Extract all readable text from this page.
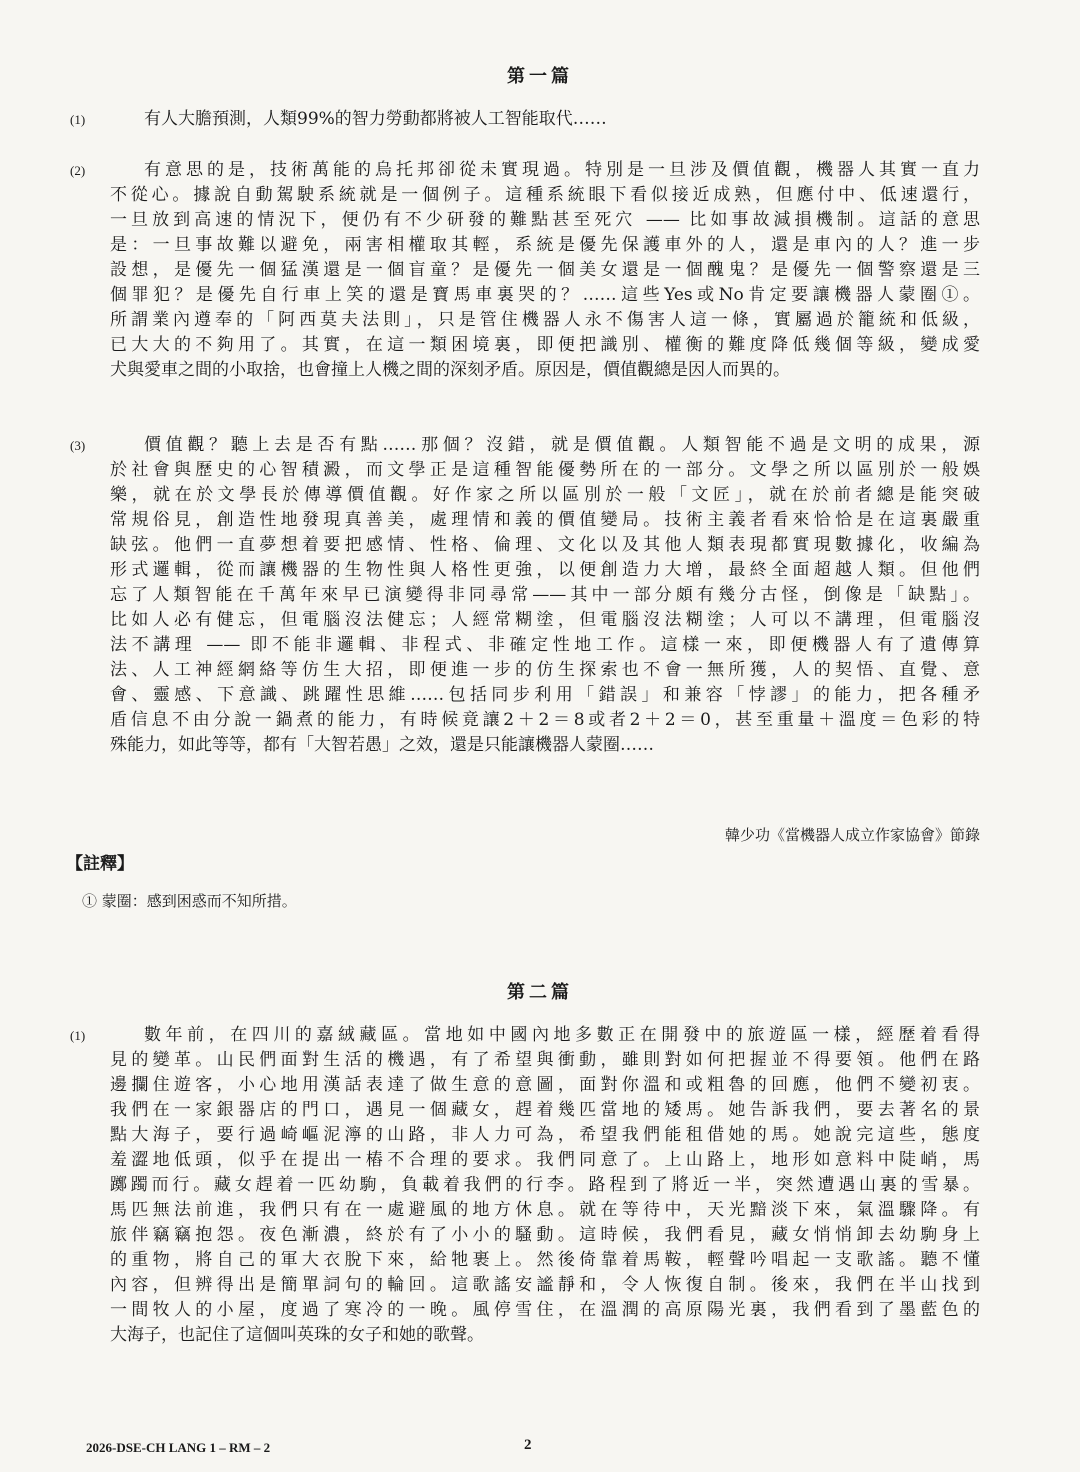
第一篇
(1)	有人大膽預測，人類99%的智力勞動都將被人工智能取代……
(2)	有意思的是，技術萬能的烏托邦卻從未實現過。特別是一旦涉及價值觀，機器人其實一直力
不從心。據說自動駕駛系統就是一個例子。這種系統眼下看似接近成熟，但應付中、低速還行，
一旦放到高速的情況下，便仍有不少研發的難點甚至死穴 —— 比如事故減損機制。這話的意思
是：一旦事故難以避免，兩害相權取其輕，系統是優先保護車外的人，還是車內的人？進一步
設想，是優先一個猛漢還是一個盲童？是優先一個美女還是一個醜鬼？是優先一個警察還是三
個罪犯？是優先自行車上笑的還是寶馬車裏哭的？……這些Yes或No肯定要讓機器人蒙圈①。
所謂業內遵奉的「阿西莫夫法則」，只是管住機器人永不傷害人這一條，實屬過於籠統和低級，
已大大的不夠用了。其實，在這一類困境裏，即便把識別、權衡的難度降低幾個等級，變成愛
犬與愛車之間的小取捨，也會撞上人機之間的深刻矛盾。原因是，價值觀總是因人而異的。
(3)	價值觀？聽上去是否有點……那個？沒錯，就是價值觀。人類智能不過是文明的成果，源
於社會與歷史的心智積澱，而文學正是這種智能優勢所在的一部分。文學之所以區別於一般娛
樂，就在於文學長於傳導價值觀。好作家之所以區別於一般「文匠」，就在於前者總是能突破
常規俗見，創造性地發現真善美，處理情和義的價值變局。技術主義者看來恰恰是在這裏嚴重
缺弦。他們一直夢想着要把感情、性格、倫理、文化以及其他人類表現都實現數據化，收編為
形式邏輯，從而讓機器的生物性與人格性更強，以便創造力大增，最終全面超越人類。但他們
忘了人類智能在千萬年來早已演變得非同尋常——其中一部分頗有幾分古怪，倒像是「缺點」。
比如人必有健忘，但電腦沒法健忘；人經常糊塗，但電腦沒法糊塗；人可以不講理，但電腦沒
法不講理 —— 即不能非邏輯、非程式、非確定性地工作。這樣一來，即便機器人有了遺傳算
法、人工神經網絡等仿生大招，即便進一步的仿生探索也不會一無所獲，人的契悟、直覺、意
會、靈感、下意識、跳躍性思維……包括同步利用「錯誤」和兼容「悖謬」的能力，把各種矛
盾信息不由分說一鍋煮的能力，有時候竟讓2＋2＝8或者2＋2＝0，甚至重量＋溫度＝色彩的特
殊能力，如此等等，都有「大智若愚」之效，還是只能讓機器人蒙圈……
韓少功《當機器人成立作家協會》節錄
【註釋】
① 蒙圈：感到困惑而不知所措。
第二篇
(1)	數年前，在四川的嘉絨藏區。當地如中國內地多數正在開發中的旅遊區一樣，經歷着看得
見的變革。山民們面對生活的機遇，有了希望與衝動，雖則對如何把握並不得要領。他們在路
邊攔住遊客，小心地用漢話表達了做生意的意圖，面對你溫和或粗魯的回應，他們不變初衷。
我們在一家銀器店的門口，遇見一個藏女，趕着幾匹當地的矮馬。她告訴我們，要去著名的景
點大海子，要行過崎嶇泥濘的山路，非人力可為，希望我們能租借她的馬。她說完這些，態度
羞澀地低頭，似乎在提出一樁不合理的要求。我們同意了。上山路上，地形如意料中陡峭，馬
躑躅而行。藏女趕着一匹幼駒，負載着我們的行李。路程到了將近一半，突然遭遇山裏的雪暴。
馬匹無法前進，我們只有在一處避風的地方休息。就在等待中，天光黯淡下來，氣溫驟降。有
旅伴竊竊抱怨。夜色漸濃，終於有了小小的騷動。這時候，我們看見，藏女悄悄卸去幼駒身上
的重物，將自己的軍大衣脫下來，給牠裹上。然後倚靠着馬鞍，輕聲吟唱起一支歌謠。聽不懂
內容，但辨得出是簡單詞句的輪回。這歌謠安謐靜和，令人恢復自制。後來，我們在半山找到
一間牧人的小屋，度過了寒冷的一晚。風停雪住，在溫潤的高原陽光裏，我們看到了墨藍色的
大海子，也記住了這個叫英珠的女子和她的歌聲。
2026-DSE-CH LANG 1 – RM – 2	2
